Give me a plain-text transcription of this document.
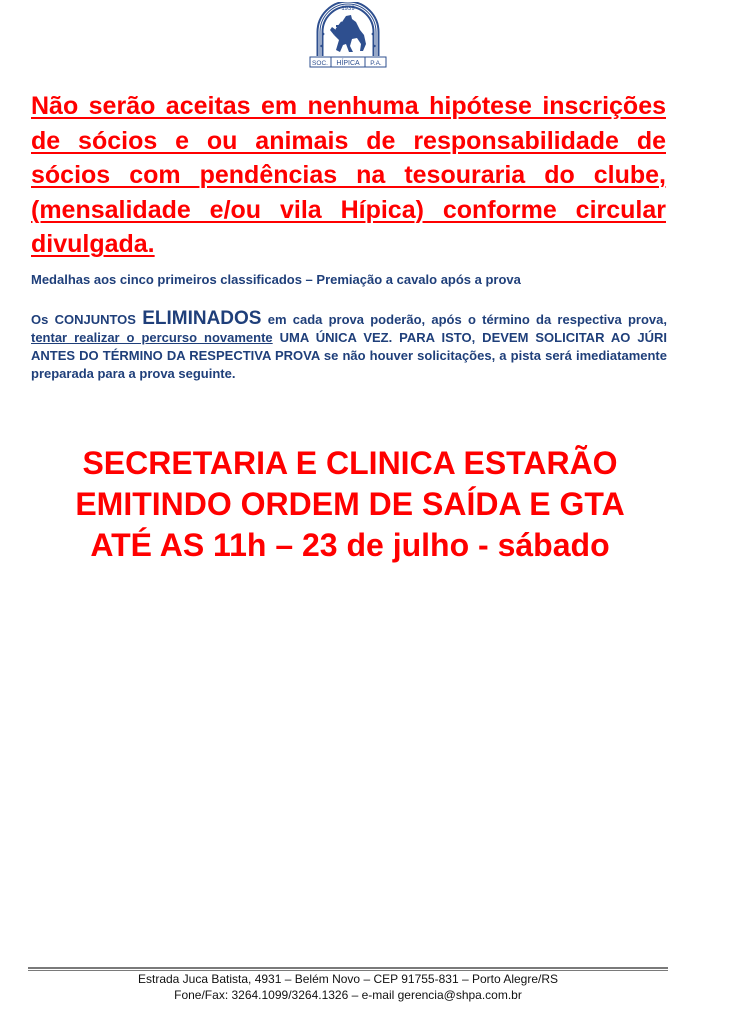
SOC. HÍPICA P.A.
1939

Não serão aceitas em nenhuma hipótese inscrições de sócios e ou animais de responsabilidade de sócios com pendências na tesouraria do clube, (mensalidade e/ou vila Hípica) conforme circular divulgada.

Medalhas aos cinco primeiros classificados – Premiação a cavalo após a prova

Os CONJUNTOS ELIMINADOS em cada prova poderão, após o término da respectiva prova, tentar realizar o percurso novamente UMA ÚNICA VEZ. PARA ISTO, DEVEM SOLICITAR AO JÚRI ANTES DO TÉRMINO DA RESPECTIVA PROVA se não houver solicitações, a pista será imediatamente preparada para a prova seguinte.

SECRETARIA E CLINICA ESTARÃO
EMITINDO ORDEM DE SAÍDA E GTA
ATÉ AS 11h – 23 de julho - sábado
Estrada Juca Batista, 4931 – Belém Novo – CEP 91755-831 – Porto Alegre/RS
Fone/Fax: 3264.1099/3264.1326 – e-mail gerencia@shpa.com.br
